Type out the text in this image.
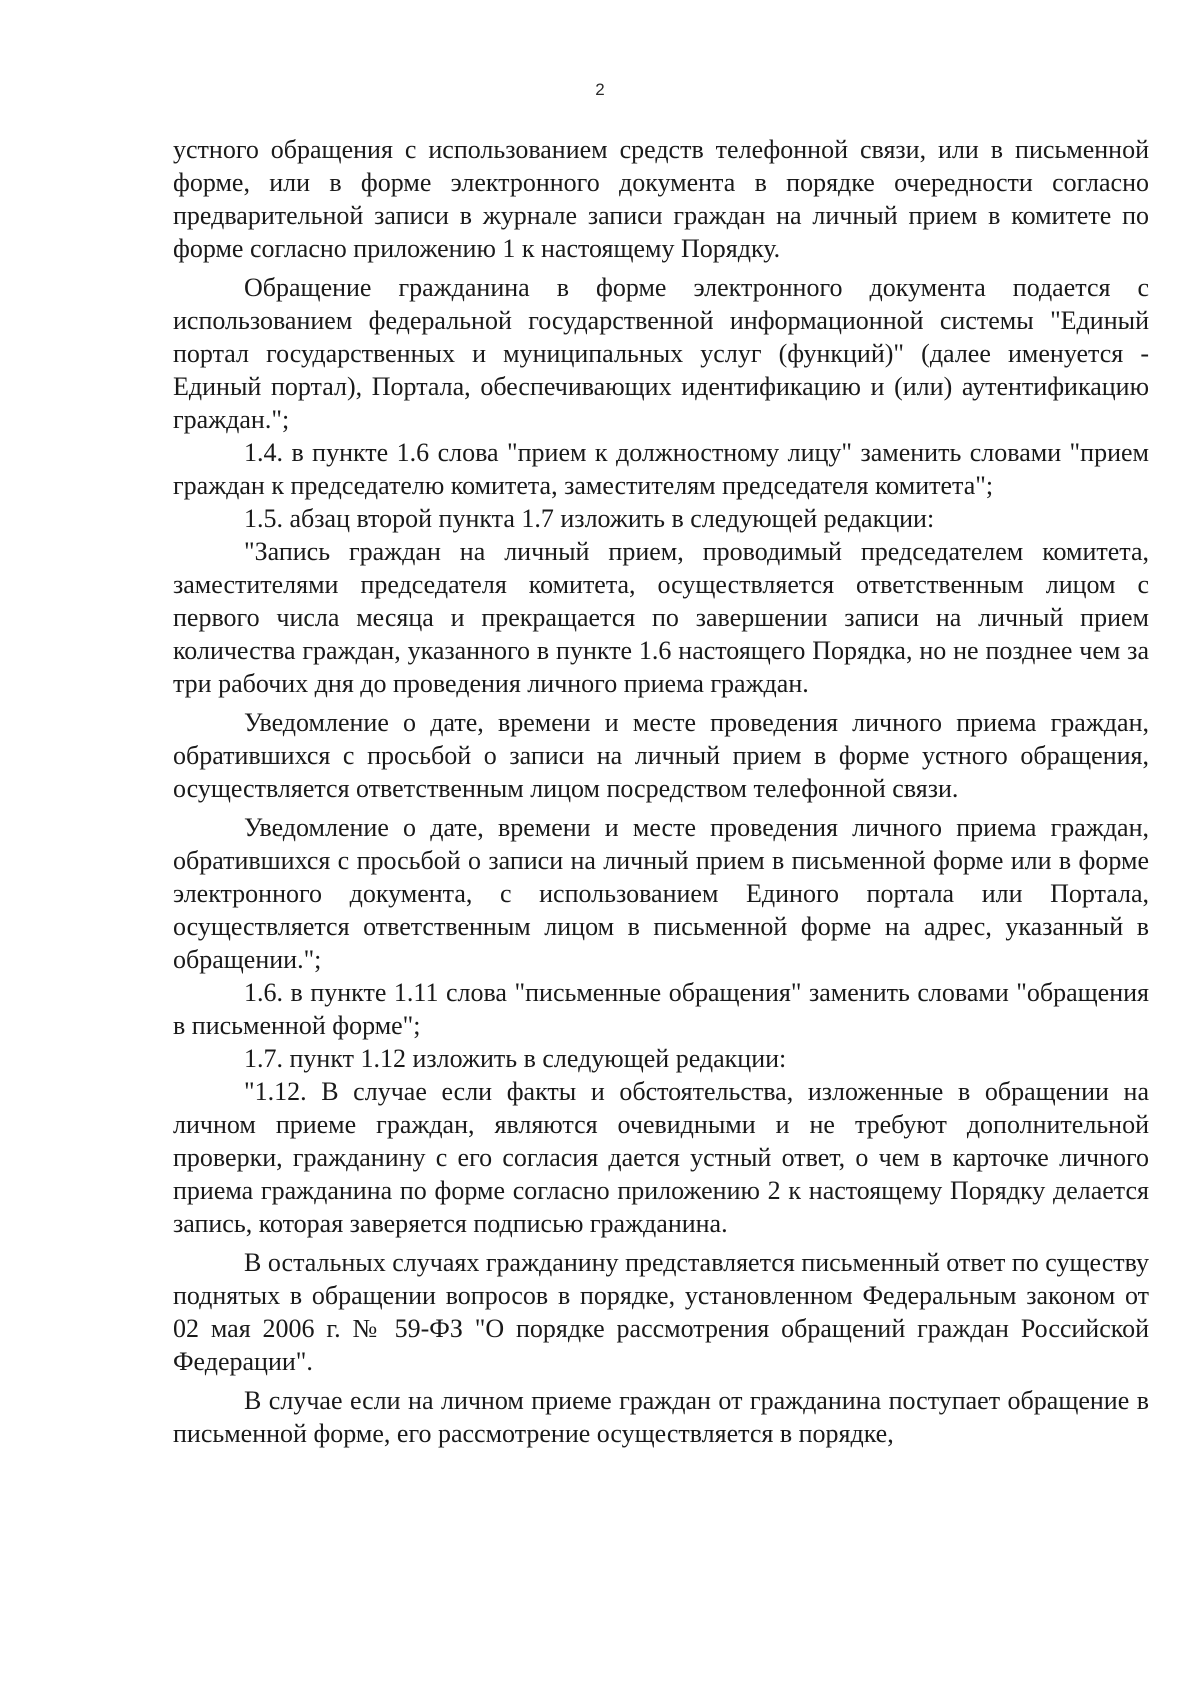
2

устного обращения с использованием средств телефонной связи, или в письменной форме, или в форме электронного документа в порядке очередности согласно предварительной записи в журнале записи граждан на личный прием в комитете по форме согласно приложению 1 к настоящему Порядку.

Обращение гражданина в форме электронного документа подается с использованием федеральной государственной информационной системы "Единый портал государственных и муниципальных услуг (функций)" (далее именуется - Единый портал), Портала, обеспечивающих идентификацию и (или) аутентификацию граждан.";

1.4. в пункте 1.6 слова "прием к должностному лицу" заменить словами "прием граждан к председателю комитета, заместителям председателя комитета";

1.5. абзац второй пункта 1.7 изложить в следующей редакции:

"Запись граждан на личный прием, проводимый председателем комитета, заместителями председателя комитета, осуществляется ответственным лицом с первого числа месяца и прекращается по завершении записи на личный прием количества граждан, указанного в пункте 1.6 настоящего Порядка, но не позднее чем за три рабочих дня до проведения личного приема граждан.

Уведомление о дате, времени и месте проведения личного приема граждан, обратившихся с просьбой о записи на личный прием в форме устного обращения, осуществляется ответственным лицом посредством телефонной связи.

Уведомление о дате, времени и месте проведения личного приема граждан, обратившихся с просьбой о записи на личный прием в письменной форме или в форме электронного документа, с использованием Единого портала или Портала, осуществляется ответственным лицом в письменной форме на адрес, указанный в обращении.";

1.6. в пункте 1.11 слова "письменные обращения" заменить словами "обращения в письменной форме";

1.7. пункт 1.12 изложить в следующей редакции:

"1.12. В случае если факты и обстоятельства, изложенные в обращении на личном приеме граждан, являются очевидными и не требуют дополнительной проверки, гражданину с его согласия дается устный ответ, о чем в карточке личного приема гражданина по форме согласно приложению 2 к настоящему Порядку делается запись, которая заверяется подписью гражданина.

В остальных случаях гражданину представляется письменный ответ по существу поднятых в обращении вопросов в порядке, установленном Федеральным законом от 02 мая 2006 г. № 59-ФЗ "О порядке рассмотрения обращений граждан Российской Федерации".

В случае если на личном приеме граждан от гражданина поступает обращение в письменной форме, его рассмотрение осуществляется в порядке,
